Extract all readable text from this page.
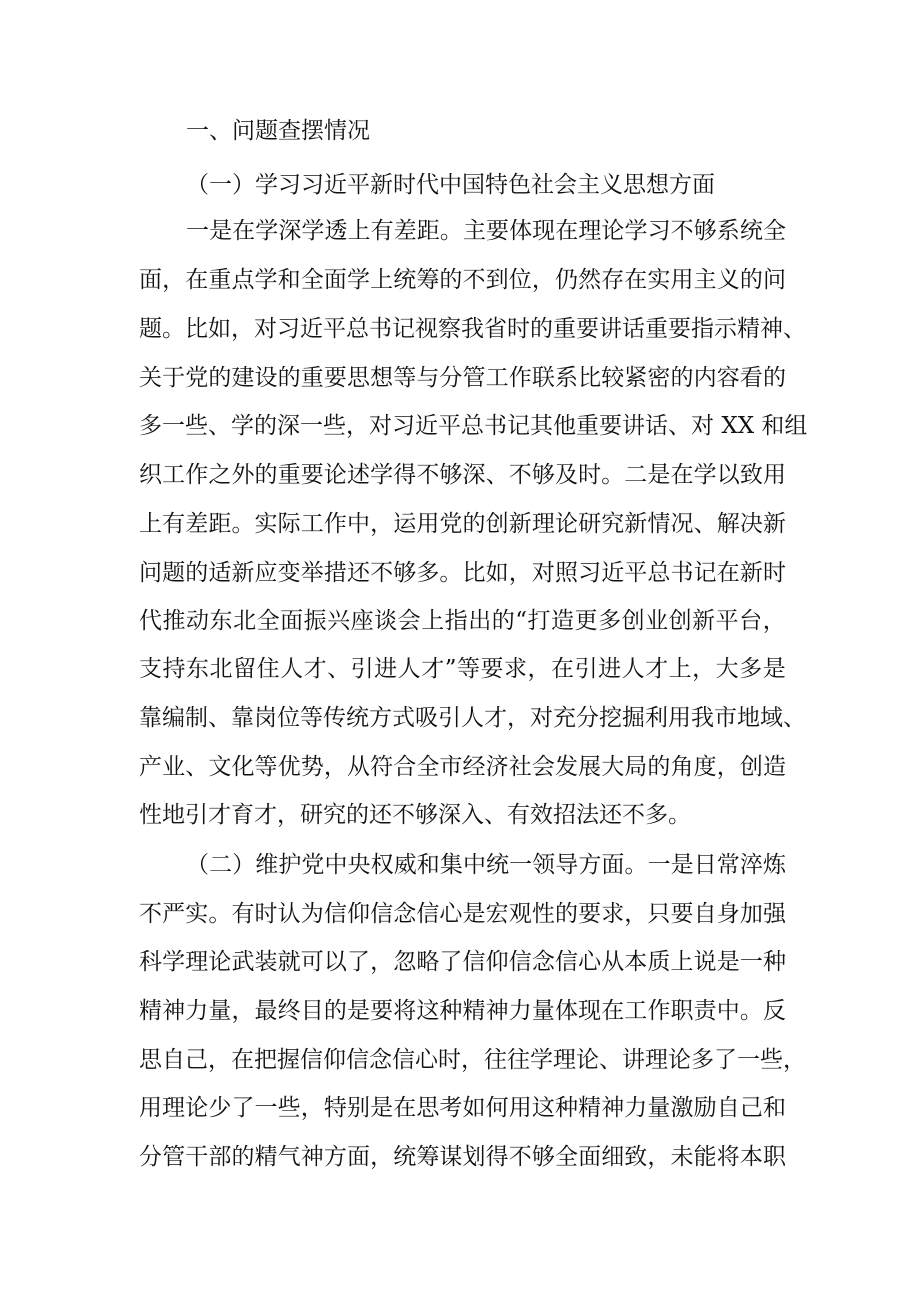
一、问题查摆情况
（一）学习习近平新时代中国特色社会主义思想方面
一 是 在 学 深 学 透 上 有 差 距 。 主 要 体 现 在 理 论 学 习 不 够 系 统 全
面 ， 在 重 点 学 和 全 面 学 上 统 筹 的 不 到 位 ， 仍 然 存 在 实 用 主 义 的 问
题 。 比 如 ， 对 习 近 平 总 书 记 视 察 我 省 时 的 重 要 讲 话 重 要 指 示 精 神 、
关 于 党 的 建 设 的 重 要 思 想 等 与 分 管 工 作 联 系 比 较 紧 密 的 内 容 看 的
多 一 些 、 学 的 深 一 些 ， 对 习 近 平 总 书 记 其 他 重 要 讲 话 、 对
X X
和 组
织 工 作 之 外 的 重 要 论 述 学 得 不 够 深 、 不 够 及 时 。 二 是 在 学 以 致 用
上 有 差 距 。 实 际 工 作 中 ， 运 用 党 的 创 新 理 论 研 究 新 情 况 、 解 决 新
问 题 的 适 新 应 变 举 措 还 不 够 多 。 比 如 ， 对 照 习 近 平 总 书 记 在 新 时
代 推 动 东 北 全 面 振 兴 座 谈 会 上 指 出 的 “ 打 造 更 多 创 业 创 新 平 台 ，
支 持 东 北 留 住 人 才 、 引 进 人 才 ” 等 要 求 ， 在 引 进 人 才 上 ， 大 多 是
靠 编 制 、 靠 岗 位 等 传 统 方 式 吸 引 人 才 ， 对 充 分 挖 掘 利 用 我 市 地 域 、
产 业 、 文 化 等 优 势 ， 从 符 合 全 市 经 济 社 会 发 展 大 局 的 角 度 ， 创 造
性地引才育才，研究的还不够深入、有效招法还不多。
（ 二 ） 维 护 党 中 央 权 威 和 集 中 统 一 领 导 方 面 。 一 是 日 常 淬 炼
不 严 实 。 有 时 认 为 信 仰 信 念 信 心 是 宏 观 性 的 要 求 ， 只 要 自 身 加 强
科 学 理 论 武 装 就 可 以 了 ， 忽 略 了 信 仰 信 念 信 心 从 本 质 上 说 是 一 种
精 神 力 量 ， 最 终 目 的 是 要 将 这 种 精 神 力 量 体 现 在 工 作 职 责 中 。 反
思 自 己 ， 在 把 握 信 仰 信 念 信 心 时 ， 往 往 学 理 论 、 讲 理 论 多 了 一 些 ，
用 理 论 少 了 一 些 ， 特 别 是 在 思 考 如 何 用 这 种 精 神 力 量 激 励 自 己 和
分 管 干 部 的 精 气 神 方 面 ， 统 筹 谋 划 得 不 够 全 面 细 致 ， 未 能 将 本 职
